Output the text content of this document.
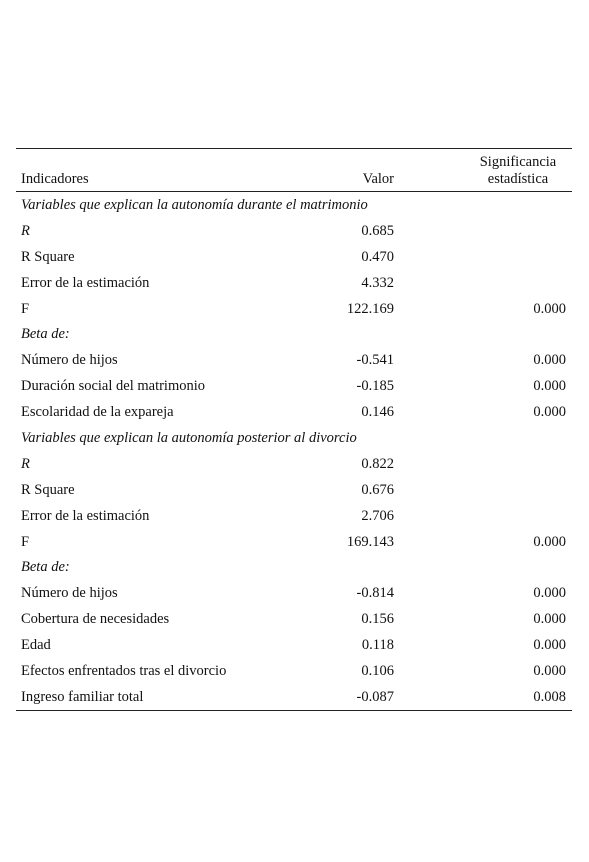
Indicadores	Valor
Significancia
estadística
Variables que explican la autonomía durante el matrimonio
R	0.685
R Square	0.470
Error de la estimación	4.332
F	122.169	0.000
Beta de:
Número de hijos	-0.541	0.000
Duración social del matrimonio	-0.185	0.000
Escolaridad de la expareja	0.146	0.000
Variables que explican la autonomía posterior al divorcio
R	0.822
R Square	0.676
Error de la estimación	2.706
F	169.143	0.000
Beta de:
Número de hijos	-0.814	0.000
Cobertura de necesidades	0.156	0.000
Edad	0.118	0.000
Efectos enfrentados tras el divorcio	0.106	0.000
Ingreso familiar total	-0.087	0.008
